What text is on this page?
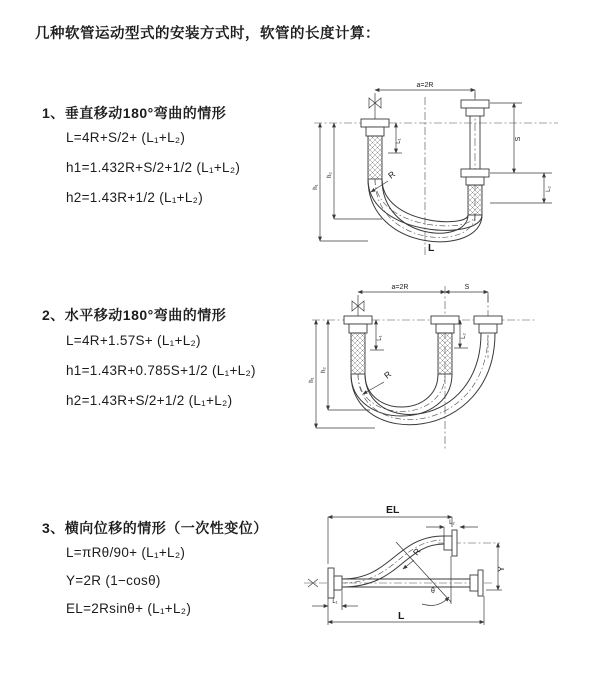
几种软管运动型式的安装方式时，软管的长度计算：
1、垂直移动180°弯曲的情形
L=4R+S/2+ (L₁+L₂)
h1=1.432R+S/2+1/2 (L₁+L₂)
h2=1.43R+1/2 (L₁+L₂)
a=2R
R
h₁
h₂
L₁	S
L₂
L
2、水平移动180°弯曲的情形
L=4R+1.57S+ (L₁+L₂)
h1=1.43R+0.785S+1/2 (L₁+L₂)
h2=1.43R+S/2+1/2 (L₁+L₂)
a=2R	S
R
h₁
h₂
L₁	L₂
3、横向位移的情形（一次性变位）
L=πRθ/90+ (L₁+L₂)
Y=2R (1−cosθ)
EL=2Rsinθ+ (L₁+L₂)
EL
L₂
θ
R
Y
L₁
L
